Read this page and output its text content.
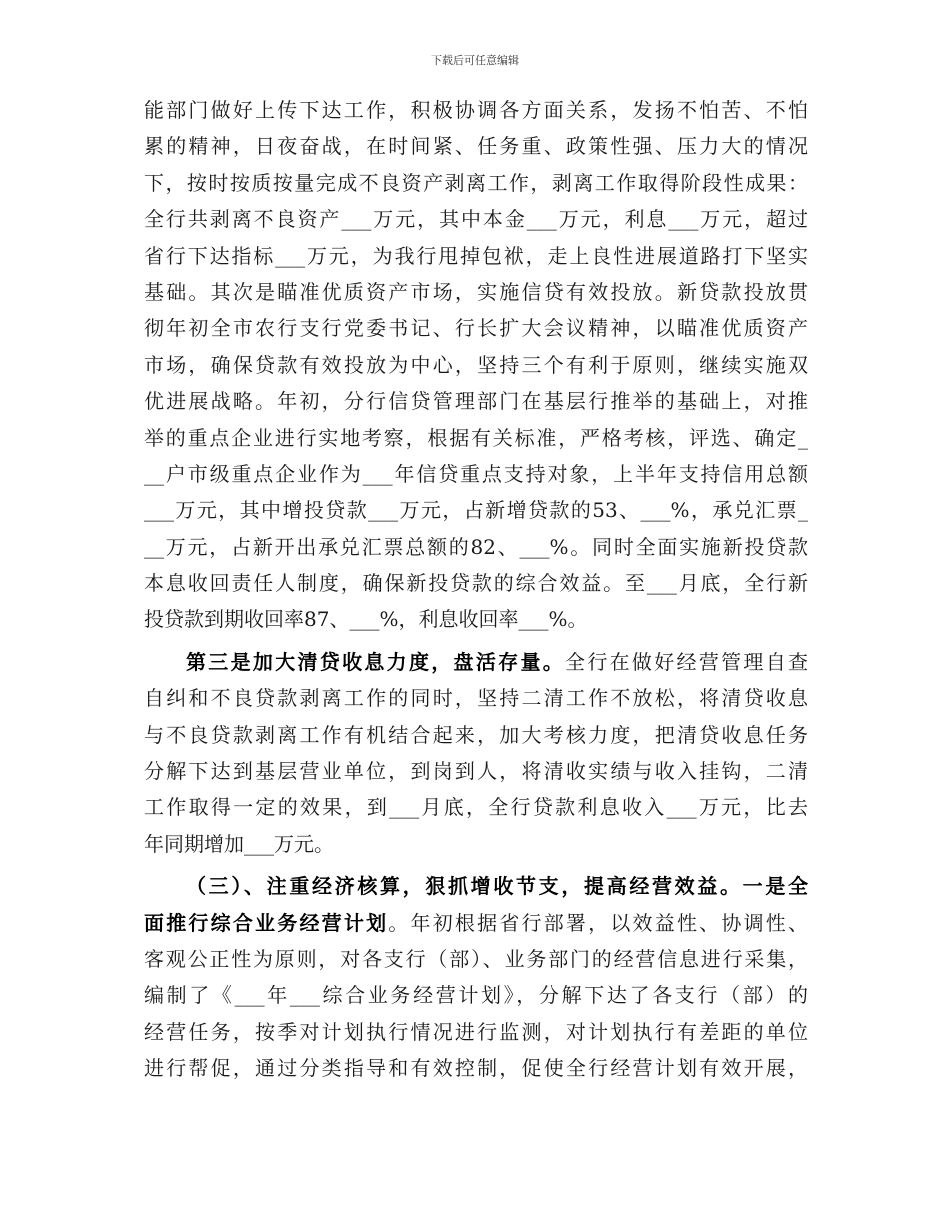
下载后可任意编辑
能部门做好上传下达工作，积极协调各方面关系，发扬不怕苦、不怕
累的精神，日夜奋战，在时间紧、任务重、政策性强、压力大的情况
下，按时按质按量完成不良资产剥离工作，剥离工作取得阶段性成果：
全行共剥离不良资产___万元，其中本金___万元，利息___万元，超过
省行下达指标___万元，为我行甩掉包袱，走上良性进展道路打下坚实
基础。其次是瞄准优质资产市场，实施信贷有效投放。新贷款投放贯
彻年初全市农行支行党委书记、行长扩大会议精神，以瞄准优质资产
市场，确保贷款有效投放为中心，坚持三个有利于原则，继续实施双
优进展战略。年初，分行信贷管理部门在基层行推举的基础上，对推
举的重点企业进行实地考察，根据有关标准，严格考核，评选、确定_
__户市级重点企业作为___年信贷重点支持对象，上半年支持信用总额
___万元，其中增投贷款___万元，占新增贷款的53、___%，承兑汇票_
__万元，占新开出承兑汇票总额的82、___%。同时全面实施新投贷款
本息收回责任人制度，确保新投贷款的综合效益。至___月底，全行新
投贷款到期收回率87、___%，利息收回率___%。
第三是加大清贷收息力度，盘活存量。全行在做好经营管理自查
自纠和不良贷款剥离工作的同时，坚持二清工作不放松，将清贷收息
与不良贷款剥离工作有机结合起来，加大考核力度，把清贷收息任务
分解下达到基层营业单位，到岗到人，将清收实绩与收入挂钩，二清
工作取得一定的效果，到___月底，全行贷款利息收入___万元，比去
年同期增加___万元。
（三）、注重经济核算，狠抓增收节支，提高经营效益。一是全
面推行综合业务经营计划。年初根据省行部署，以效益性、协调性、
客观公正性为原则，对各支行（部）、业务部门的经营信息进行采集，
编制了《___年___综合业务经营计划》，分解下达了各支行（部）的
经营任务，按季对计划执行情况进行监测，对计划执行有差距的单位
进行帮促，通过分类指导和有效控制，促使全行经营计划有效开展，
